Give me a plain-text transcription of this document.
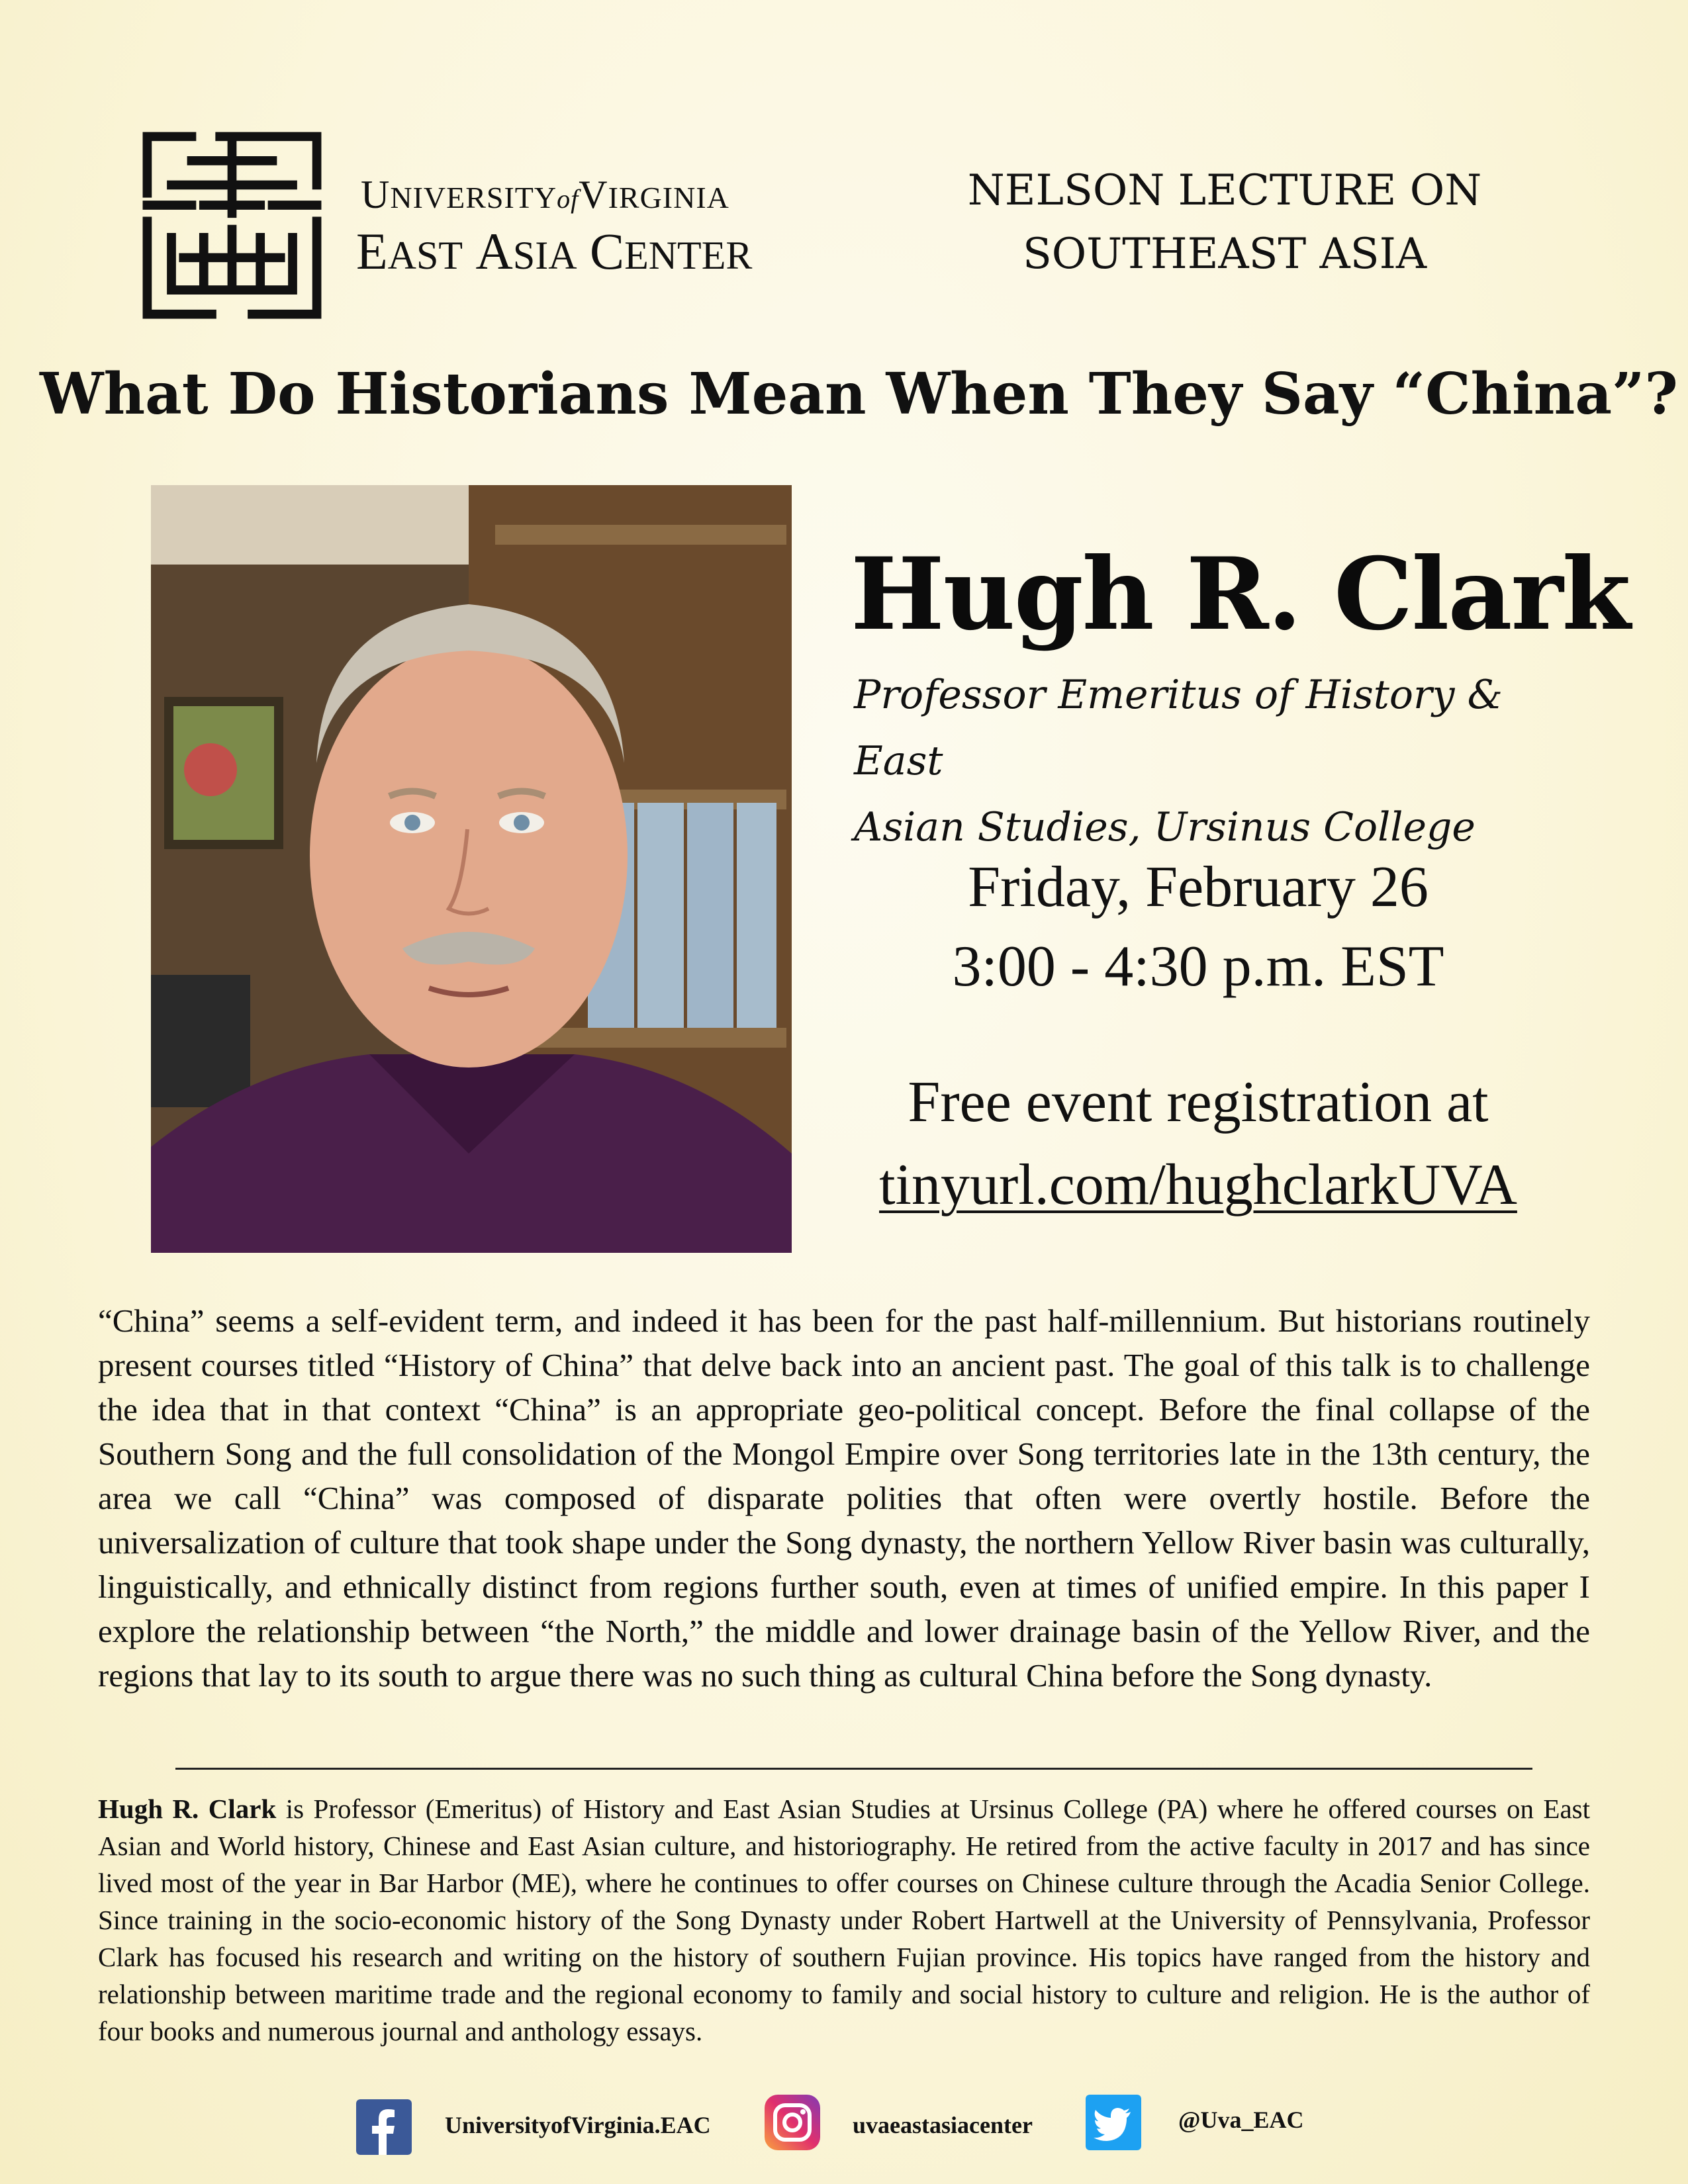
UNIVERSITYofVIRGINIA
EAST ASIA CENTER
NELSON LECTURE ON
SOUTHEAST ASIA
What Do Historians Mean When They Say “China”?
Hugh R. Clark
Professor Emeritus of History & East
Asian Studies, Ursinus College
Friday, February 26
3:00 - 4:30 p.m. EST
Free event registration at
tinyurl.com/hughclarkUVA
“China” seems a self-evident term, and indeed it has been for the past half-millennium. But historians routinely present courses titled “History of China” that delve back into an ancient past. The goal of this talk is to challenge the idea that in that context “China” is an appropriate geo-political concept. Before the final collapse of the Southern Song and the full consolidation of the Mongol Empire over Song territories late in the 13th century, the area we call “China” was composed of disparate polities that often were overtly hostile. Before the universalization of culture that took shape under the Song dynasty, the northern Yellow River basin was culturally, linguistically, and ethnically distinct from regions further south, even at times of unified empire. In this paper I explore the relationship between “the North,” the middle and lower drainage basin of the Yellow River, and the regions that lay to its south to argue there was no such thing as cultural China before the Song dynasty.
Hugh R. Clark is Professor (Emeritus) of History and East Asian Studies at Ursinus College (PA) where he offered courses on East Asian and World history, Chinese and East Asian culture, and historiography. He retired from the active faculty in 2017 and has since lived most of the year in Bar Harbor (ME), where he continues to offer courses on Chinese culture through the Acadia Senior College. Since training in the socio-economic history of the Song Dynasty under Robert Hartwell at the University of Pennsylvania, Professor Clark has focused his research and writing on the history of southern Fujian province. His topics have ranged from the history and relationship between maritime trade and the regional economy to family and social history to culture and religion. He is the author of four books and numerous journal and anthology essays.
UniversityofVirginia.EAC	uvaeastasiacenter	@Uva_EAC
